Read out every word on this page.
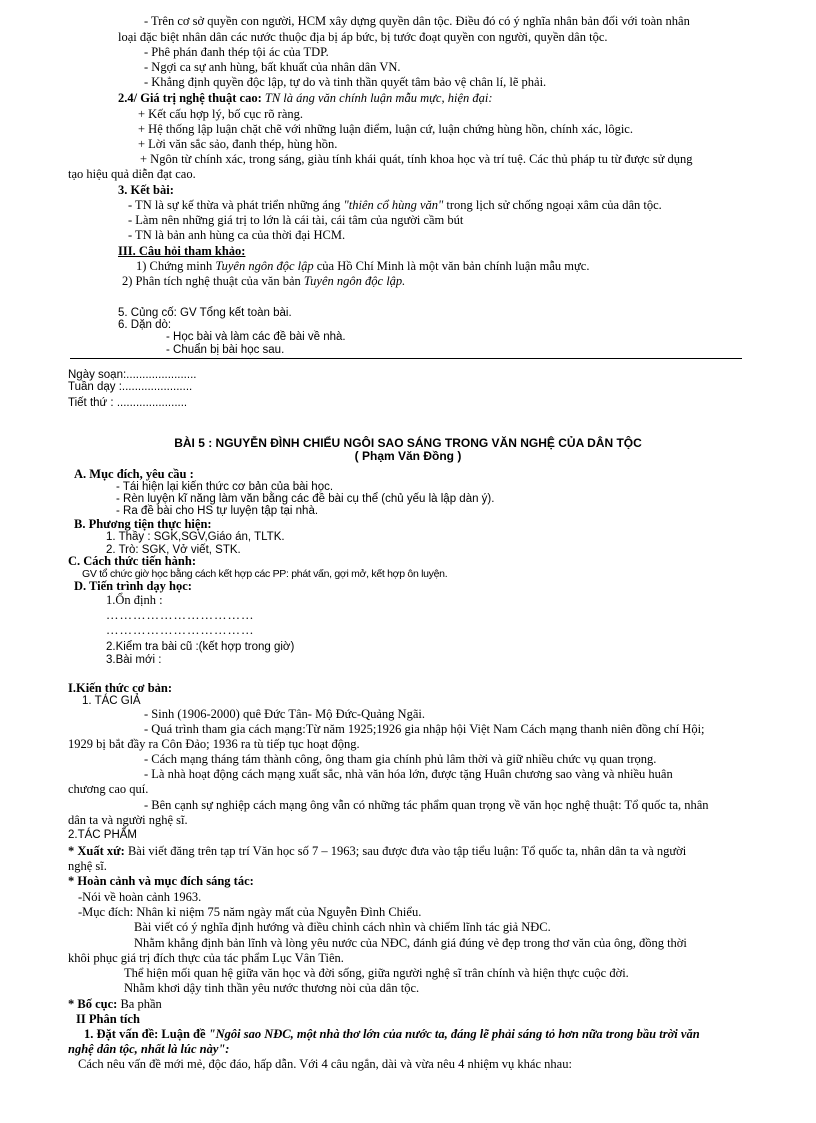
- Trên cơ sở quyền con người, HCM xây dựng quyền dân tộc. Điều đó có ý nghĩa nhân bản đối với toàn nhân
loại đặc biệt nhân dân các nước thuộc địa bị áp bức, bị tước đoạt quyền con người, quyền dân tộc.
- Phê phán đanh thép tội ác của TDP.
- Ngợi ca sự anh hùng, bất khuất của nhân dân VN.
- Khẳng định quyền độc lập, tự do và tinh thần quyết tâm bảo vệ chân lí, lẽ phải.
2.4/ Giá trị nghệ thuật cao: TN là áng văn chính luận mẫu mực, hiện đại:
+ Kết cấu hợp lý, bố cục rõ ràng.
+ Hệ thống lập luận chặt chẽ với những luận điểm, luận cứ, luận chứng hùng hồn, chính xác, lôgic.
+ Lời văn sắc sảo, đanh thép, hùng hồn.
+ Ngôn từ chính xác, trong sáng, giàu tính khái quát, tính khoa học và trí tuệ. Các thủ pháp tu từ được sử dụng
tạo hiệu quả diễn đạt cao.
3. Kết bài:
- TN là sự kế thừa và phát triển những áng "thiên cổ hùng văn" trong lịch sử chống ngoại xâm của dân tộc.
- Làm nên những giá trị to lớn là cái tài, cái tâm của người cầm bút
- TN là bản anh hùng ca của thời đại HCM.
III. Câu hỏi tham khảo:
1) Chứng minh Tuyên ngôn độc lập của Hồ Chí Minh là một văn bản chính luận mẫu mực.
2) Phân tích nghệ thuật của văn bản Tuyên ngôn độc lập.
5. Củng cố: GV Tổng kết toàn bài.
6. Dặn dò:
- Học bài và làm các đề bài về nhà.
- Chuẩn bị bài học sau.
Ngày soạn:......................
Tuần dạy :......................
Tiết thứ : ......................
BÀI 5 : NGUYỄN ĐÌNH CHIỂU NGÔI SAO SÁNG TRONG VĂN NGHỆ CỦA DÂN TỘC
( Phạm Văn Đồng )
A. Mục đích, yêu cầu :
- Tái hiện lại kiến thức cơ bản của bài học.
- Rèn luyện kĩ năng làm văn bằng các đề bài cụ thể (chủ yếu là lập dàn ý).
- Ra đề bài cho HS tự luyện tập tại nhà.
B. Phương tiện thực hiện:
1. Thầy : SGK,SGV,Giáo án, TLTK.
2. Trò: SGK, Vở viết, STK.
C. Cách thức tiến hành:
GV tổ chức giờ học bằng cách kết hợp các PP: phát vấn, gợi mở, kết hợp ôn luyện.
D. Tiến trình dạy học:
1.Ổn định :
……………………………
……………………………
2.Kiểm tra bài cũ :(kết hợp trong giờ)
3.Bài mới :
I.Kiến thức cơ bản:
1. TÁC GIẢ
- Sinh (1906-2000) quê Đức Tân- Mộ Đức-Quảng Ngãi.
- Quá trình tham gia cách mạng:Từ năm 1925;1926 gia nhập hội Việt Nam Cách mạng thanh niên đồng chí Hội;
1929 bị bắt đầy ra Côn Đảo; 1936 ra tù tiếp tục hoạt động.
- Cách mạng tháng tám thành công, ông tham gia chính phủ lâm thời và giữ nhiều chức vụ quan trọng.
- Là nhà hoạt động cách mạng xuất sắc, nhà văn hóa lớn, được tặng Huân chương sao vàng và nhiều huân
chương cao quí.
- Bên cạnh sự nghiệp cách mạng ông vẫn có những tác phẩm quan trọng về văn học nghệ thuật: Tổ quốc ta, nhân
dân ta và người nghệ sĩ.
2.TÁC PHẨM
* Xuất xứ: Bài viết đăng trên tạp trí Văn học số 7 – 1963; sau được đưa vào tập tiểu luận: Tổ quốc ta, nhân dân ta và người
nghệ sĩ.
* Hoàn cảnh và mục đích sáng tác:
-Nói về hoàn cảnh 1963.
-Mục đích: Nhân kỉ niệm 75 năm ngày mất của Nguyễn Đình Chiểu.
Bài viết có ý nghĩa định hướng và điều chỉnh cách nhìn và chiếm lĩnh tác giả NĐC.
Nhằm khẳng định bản lĩnh và lòng yêu nước của NĐC, đánh giá đúng vẻ đẹp trong thơ văn của ông, đồng thời
khôi phục giá trị đích thực của tác phẩm Lục Vân Tiên.
Thể hiện mối quan hệ giữa văn học và đời sống, giữa người nghệ sĩ trân chính và hiện thực cuộc đời.
Nhằm khơi dậy tinh thần yêu nước thương nòi của dân tộc.
* Bố cục: Ba phần
II Phân tích
1. Đặt vấn đề: Luận đề "Ngôi sao NĐC, một nhà thơ lớn của nước ta, đáng lẽ phải sáng tỏ hơn nữa trong bầu trời văn
nghệ dân tộc, nhất là lúc này":
Cách nêu vấn đề mới mẻ, độc đáo, hấp dẫn. Với 4 câu ngắn, dài và vừa nêu 4 nhiệm vụ khác nhau:
